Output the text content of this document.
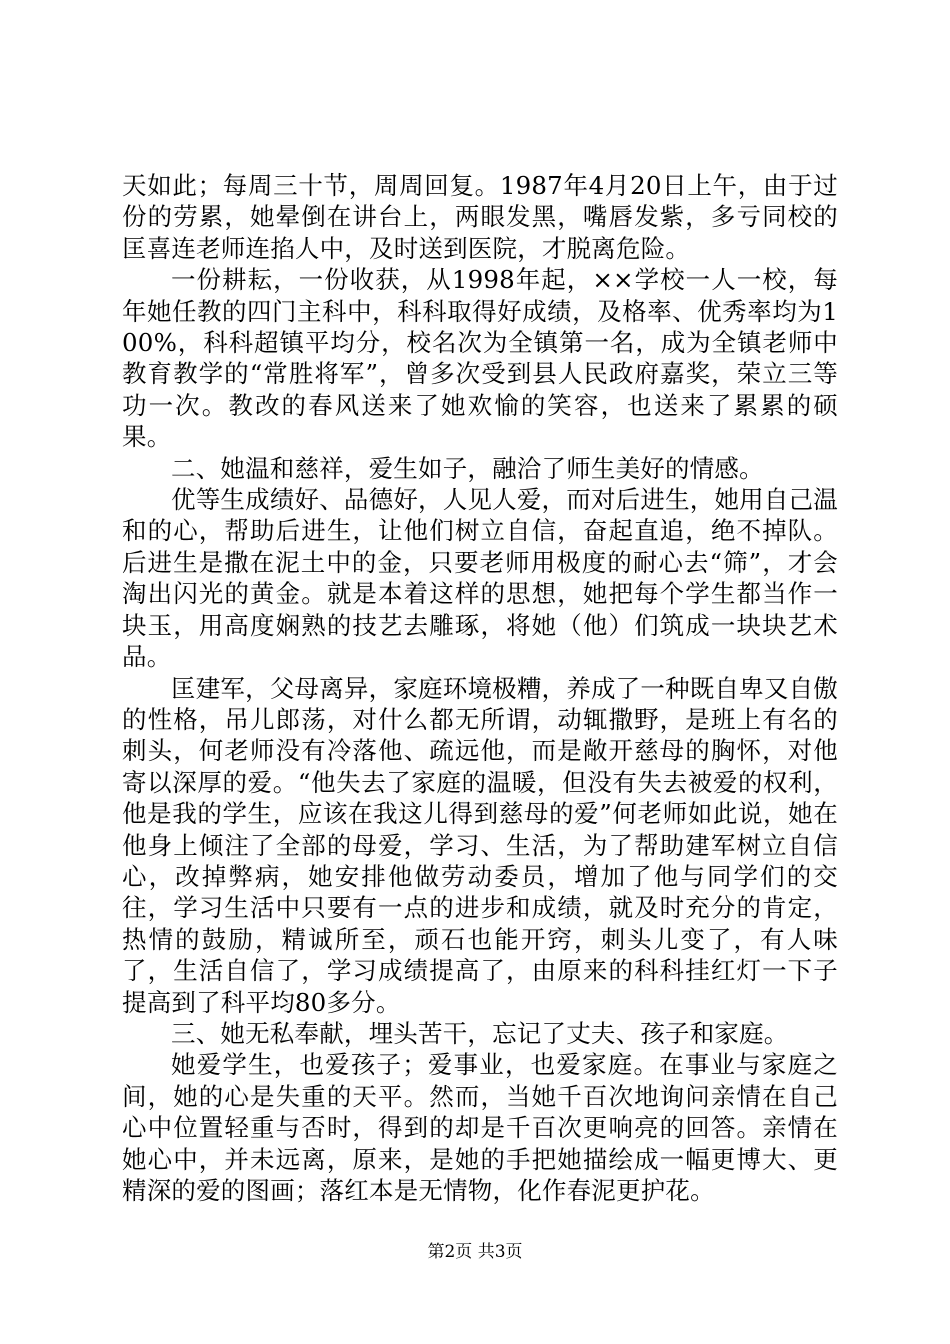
天如此；每周三十节，周周回复。1987年4月20日上午，由于过份的劳累，她晕倒在讲台上，两眼发黑，嘴唇发紫，多亏同校的匡喜连老师连掐人中，及时送到医院，才脱离危险。

一份耕耘，一份收获，从1998年起，××学校一人一校，每年她任教的四门主科中，科科取得好成绩，及格率、优秀率均为100%，科科超镇平均分，校名次为全镇第一名，成为全镇老师中教育教学的“常胜将军”，曾多次受到县人民政府嘉奖，荣立三等功一次。教改的春风送来了她欢愉的笑容，也送来了累累的硕果。

二、她温和慈祥，爱生如子，融洽了师生美好的情感。

优等生成绩好、品德好，人见人爱，而对后进生，她用自己温和的心，帮助后进生，让他们树立自信，奋起直追，绝不掉队。后进生是撒在泥土中的金，只要老师用极度的耐心去“筛”，才会淘出闪光的黄金。就是本着这样的思想，她把每个学生都当作一块玉，用高度娴熟的技艺去雕琢，将她（他）们筑成一块块艺术品。

匡建军，父母离异，家庭环境极糟，养成了一种既自卑又自傲的性格，吊儿郎荡，对什么都无所谓，动辄撒野，是班上有名的刺头，何老师没有冷落他、疏远他，而是敞开慈母的胸怀，对他寄以深厚的爱。“他失去了家庭的温暖，但没有失去被爱的权利，他是我的学生，应该在我这儿得到慈母的爱”何老师如此说，她在他身上倾注了全部的母爱，学习、生活，为了帮助建军树立自信心，改掉弊病，她安排他做劳动委员，增加了他与同学们的交往，学习生活中只要有一点的进步和成绩，就及时充分的肯定，热情的鼓励，精诚所至，顽石也能开窍，刺头儿变了，有人味了，生活自信了，学习成绩提高了，由原来的科科挂红灯一下子提高到了科平均80多分。

三、她无私奉献，埋头苦干，忘记了丈夫、孩子和家庭。

她爱学生，也爱孩子；爱事业，也爱家庭。在事业与家庭之间，她的心是失重的天平。然而，当她千百次地询问亲情在自己心中位置轻重与否时，得到的却是千百次更响亮的回答。亲情在她心中，并未远离，原来，是她的手把她描绘成一幅更博大、更精深的爱的图画；落红本是无情物，化作春泥更护花。

第2页 共3页
